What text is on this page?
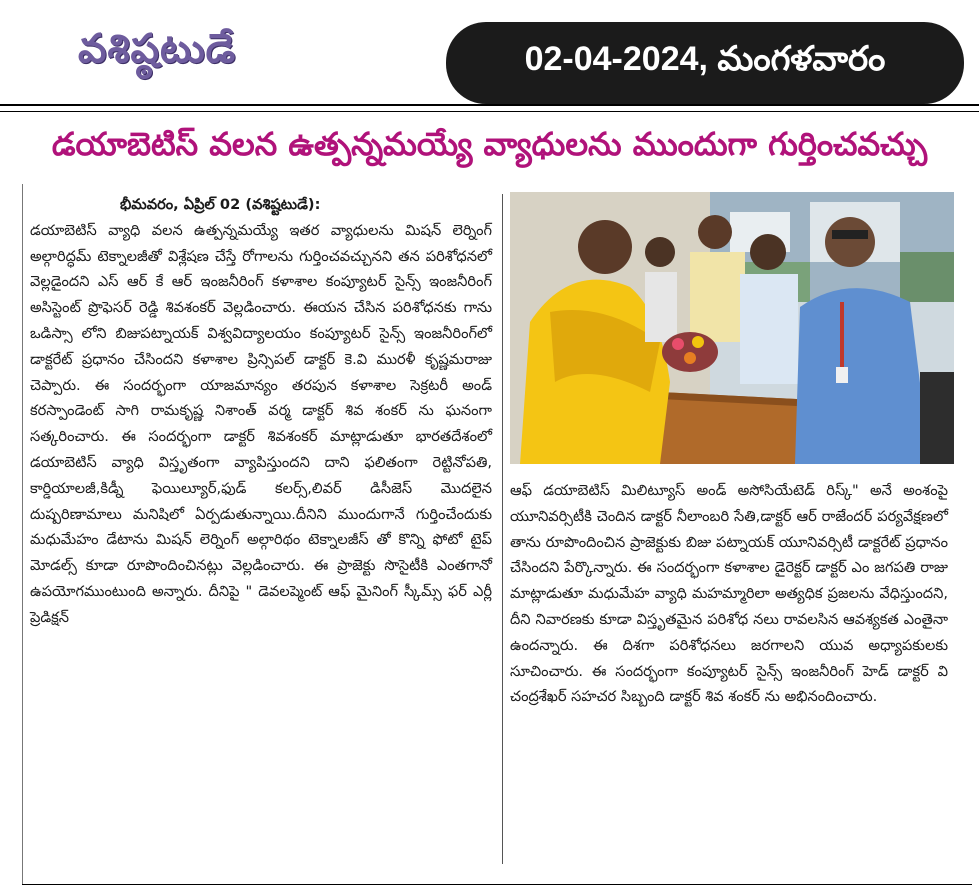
వశిష్ఠటుడే	02-04-2024, మంగళవారం
డయాబెటిస్ వలన ఉత్పన్నమయ్యే వ్యాధులను ముందుగా గుర్తించవచ్చు

భీమవరం, ఏప్రిల్ 02 (వశిష్టటుడే):

డయాబెటిస్ వ్యాధి వలన ఉత్పన్నమయ్యే ఇతర వ్యాధులను మిషన్ లెర్నింగ్ అల్గారిద్ధమ్ టెక్నాలజీతో విశ్లేషణ చేస్తే రోగాలను గుర్తించవచ్చునని తన పరిశోధనలో వెల్లడైందని ఎస్ ఆర్ కే ఆర్ ఇంజనీరింగ్ కళాశాల కంప్యూటర్ సైన్స్ ఇంజనీరింగ్ అసిస్టెంట్ ప్రొఫెసర్ రెడ్డి శివశంకర్ వెల్లడించారు. ఈయన చేసిన పరిశోధనకు గాను ఒడిస్సా లోని బిజుపట్నాయక్ విశ్వవిద్యాలయం కంప్యూటర్ సైన్స్ ఇంజనీరింగ్‌లో డాక్టరేట్ ప్రధానం చేసిందని కళాశాల ప్రిన్సిపల్ డాక్టర్ కె.వి మురళీ కృష్ణమరాజు చెప్పారు. ఈ సందర్భంగా యాజమాన్యం తరపున కళాశాల సెక్రటరీ అండ్ కరస్పాండెంట్ సాగి రామకృష్ణ నిశాంత్ వర్మ డాక్టర్ శివ శంకర్ ను ఘనంగా సత్కరించారు. ఈ సందర్భంగా డాక్టర్ శివశంకర్ మాట్లాడుతూ భారతదేశంలో డయాబెటిస్ వ్యాధి విస్తృతంగా వ్యాపిస్తుందని దాని ఫలితంగా రెట్టినోపతి, కార్డియాలజీ,కిడ్నీ ఫెయిల్యూర్,ఫుడ్ కలర్స్,లివర్ డిసీజెస్ మొదలైన దుష్పరిణామాలు మనిషిలో ఏర్పడుతున్నాయి.దీనిని ముందుగానే గుర్తించేందుకు మధుమేహం డేటాను మిషన్ లెర్నింగ్ అల్గారిథం టెక్నాలజీస్ తో కొన్ని ఫోటో టైప్ మోడల్స్ కూడా రూపొందించినట్లు వెల్లడించారు. ఈ ప్రాజెక్టు సొసైటీకి ఎంతగానో ఉపయోగముంటుంది అన్నారు. దీనిపై " డెవలప్మెంట్ ఆఫ్ మైనింగ్ స్కీమ్స్ ఫర్ ఎర్లీ ప్రెడిక్షన్

ఆఫ్ డయాబెటిస్ మిలిట్యూస్ అండ్ అసోసియేటెడ్ రిస్క్" అనే అంశంపై యూనివర్సిటీకి చెందిన డాక్టర్ నీలాంబరి సేతి,డాక్టర్ ఆర్ రాజేందర్ పర్యవేక్షణలో తాను రూపొందించిన ప్రాజెక్టుకు బిజు పట్నాయక్ యూనివర్సిటీ డాక్టరేట్ ప్రధానం చేసిందని పేర్కొన్నారు. ఈ సందర్భంగా కళాశాల డైరెక్టర్ డాక్టర్ ఎం జగపతి రాజు మాట్లాడుతూ మధుమేహ వ్యాధి మహమ్మారిలా అత్యధిక ప్రజలను వేధిస్తుందని, దీని నివారణకు కూడా విస్తృతమైన పరిశోధ నలు రావలసిన ఆవశ్యకత ఎంతైనా ఉందన్నారు. ఈ దిశగా పరిశోధనలు జరగాలని యువ అధ్యాపకులకు సూచించారు. ఈ సందర్భంగా కంప్యూటర్ సైన్స్ ఇంజనీరింగ్ హెడ్ డాక్టర్ వి చంద్రశేఖర్ సహచర సిబ్బంది డాక్టర్ శివ శంకర్ ను అభినందించారు.
